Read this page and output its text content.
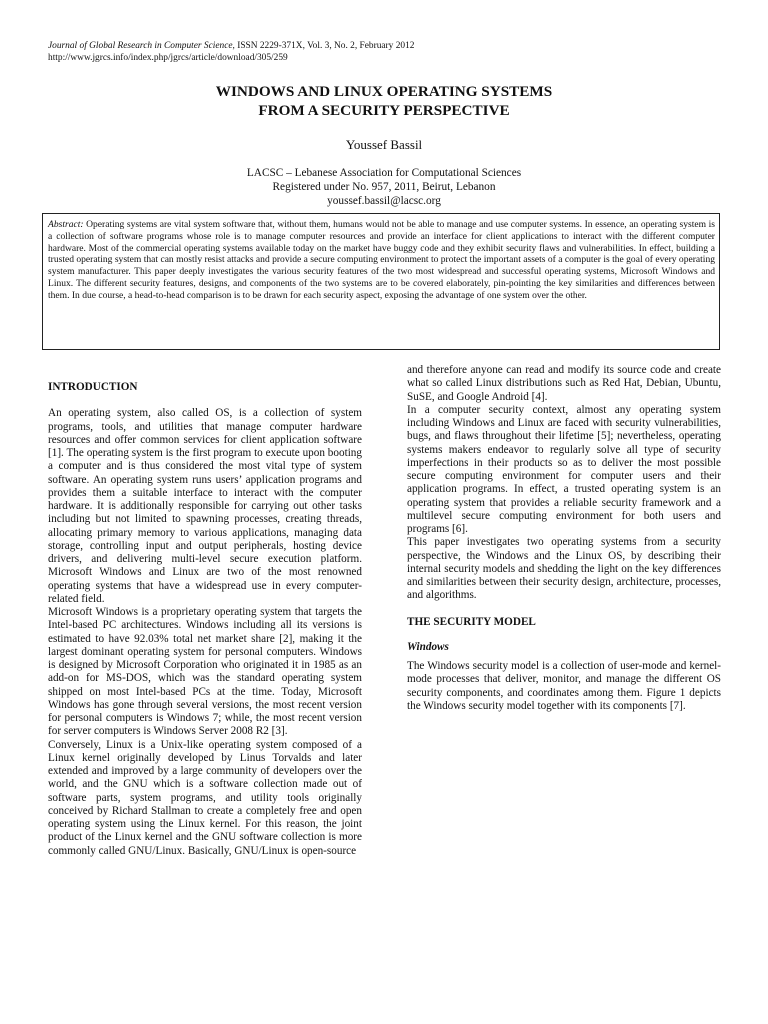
Journal of Global Research in Computer Science, ISSN 2229-371X, Vol. 3, No. 2, February 2012
http://www.jgrcs.info/index.php/jgrcs/article/download/305/259
WINDOWS AND LINUX OPERATING SYSTEMS
FROM A SECURITY PERSPECTIVE
Youssef Bassil
LACSC – Lebanese Association for Computational Sciences
Registered under No. 957, 2011, Beirut, Lebanon
youssef.bassil@lacsc.org
Abstract: Operating systems are vital system software that, without them, humans would not be able to manage and use computer systems. In essence, an operating system is a collection of software programs whose role is to manage computer resources and provide an interface for client applications to interact with the different computer hardware. Most of the commercial operating systems available today on the market have buggy code and they exhibit security flaws and vulnerabilities. In effect, building a trusted operating system that can mostly resist attacks and provide a secure computing environment to protect the important assets of a computer is the goal of every operating system manufacturer. This paper deeply investigates the various security features of the two most widespread and successful operating systems, Microsoft Windows and Linux. The different security features, designs, and components of the two systems are to be covered elaborately, pin-pointing the key similarities and differences between them. In due course, a head-to-head comparison is to be drawn for each security aspect, exposing the advantage of one system over the other.

INTRODUCTION

An operating system, also called OS, is a collection of system programs, tools, and utilities that manage computer hardware resources and offer common services for client application software [1]. The operating system is the first program to execute upon booting a computer and is thus considered the most vital type of system software. An operating system runs users’ application programs and provides them a suitable interface to interact with the computer hardware. It is additionally responsible for carrying out other tasks including but not limited to spawning processes, creating threads, allocating primary memory to various applications, managing data storage, controlling input and output peripherals, hosting device drivers, and delivering multi-level secure execution platform. Microsoft Windows and Linux are two of the most renowned operating systems that have a widespread use in every computer-related field.

Microsoft Windows is a proprietary operating system that targets the Intel-based PC architectures. Windows including all its versions is estimated to have 92.03% total net market share [2], making it the largest dominant operating system for personal computers. Windows is designed by Microsoft Corporation who originated it in 1985 as an add-on for MS-DOS, which was the standard operating system shipped on most Intel-based PCs at the time. Today, Microsoft Windows has gone through several versions, the most recent version for personal computers is Windows 7; while, the most recent version for server computers is Windows Server 2008 R2 [3].

Conversely, Linux is a Unix-like operating system composed of a Linux kernel originally developed by Linus Torvalds and later extended and improved by a large community of developers over the world, and the GNU which is a software collection made out of software parts, system programs, and utility tools originally conceived by Richard Stallman to create a completely free and open operating system using the Linux kernel. For this reason, the joint product of the Linux kernel and the GNU software collection is more commonly called GNU/Linux. Basically, GNU/Linux is open-source

and therefore anyone can read and modify its source code and create what so called Linux distributions such as Red Hat, Debian, Ubuntu, SuSE, and Google Android [4].

In a computer security context, almost any operating system including Windows and Linux are faced with security vulnerabilities, bugs, and flaws throughout their lifetime [5]; nevertheless, operating systems makers endeavor to regularly solve all type of security imperfections in their products so as to deliver the most possible secure computing environment for computer users and their application programs. In effect, a trusted operating system is an operating system that provides a reliable security framework and a multilevel secure computing environment for both users and programs [6].

This paper investigates two operating systems from a security perspective, the Windows and the Linux OS, by describing their internal security models and shedding the light on the key differences and similarities between their security design, architecture, processes, and algorithms.

THE SECURITY MODEL

Windows

The Windows security model is a collection of user-mode and kernel-mode processes that deliver, monitor, and manage the different OS security components, and coordinates among them. Figure 1 depicts the Windows security model together with its components [7].
